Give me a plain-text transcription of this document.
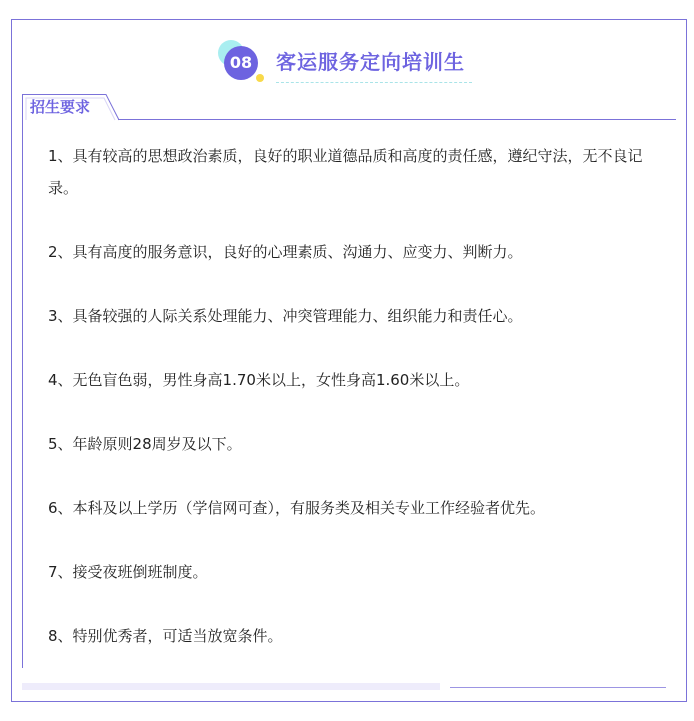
08 客运服务定向培训生
招生要求
1、具有较高的思想政治素质，良好的职业道德品质和高度的责任感，遵纪守法，无不良记录。
2、具有高度的服务意识，良好的心理素质、沟通力、应变力、判断力。
3、具备较强的人际关系处理能力、冲突管理能力、组织能力和责任心。
4、无色盲色弱，男性身高1.70米以上，女性身高1.60米以上。
5、年龄原则28周岁及以下。
6、本科及以上学历（学信网可查），有服务类及相关专业工作经验者优先。
7、接受夜班倒班制度。
8、特别优秀者，可适当放宽条件。
